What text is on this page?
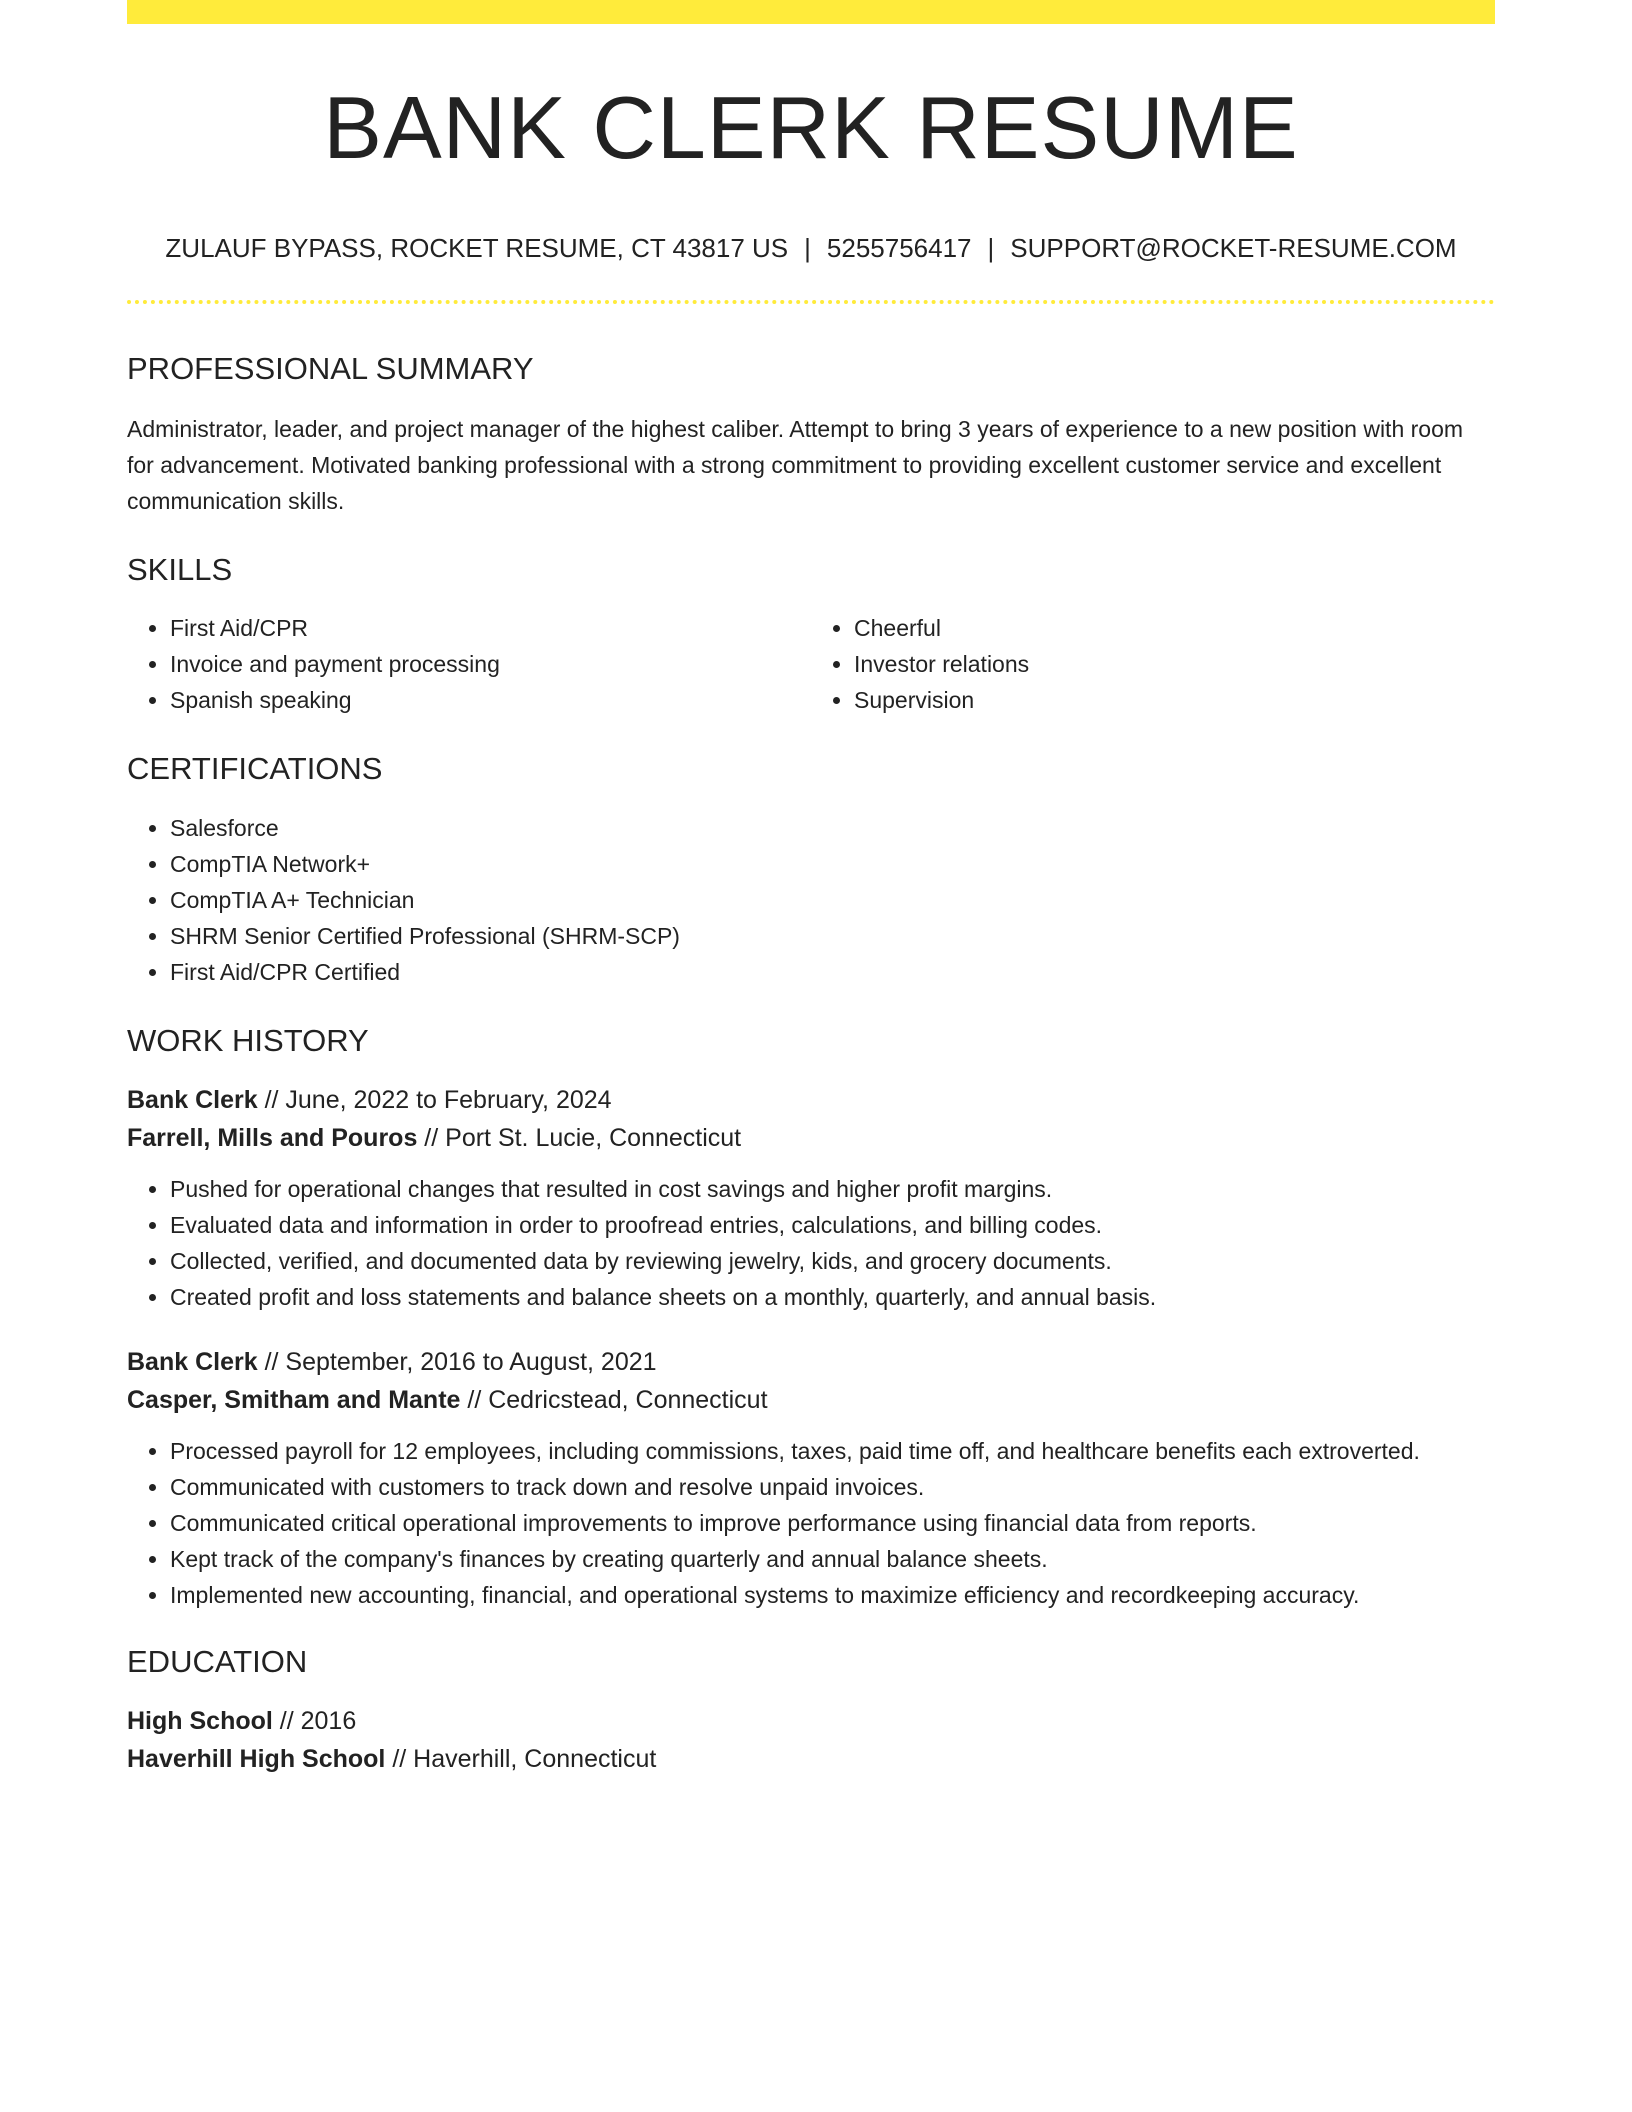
BANK CLERK RESUME
ZULAUF BYPASS, ROCKET RESUME, CT 43817 US | 5255756417 | SUPPORT@ROCKET-RESUME.COM
PROFESSIONAL SUMMARY

Administrator, leader, and project manager of the highest caliber. Attempt to bring 3 years of experience to a new position with room for advancement. Motivated banking professional with a strong commitment to providing excellent customer service and excellent communication skills.

SKILLS
• First Aid/CPR
• Invoice and payment processing
• Spanish speaking
• Cheerful
• Investor relations
• Supervision
CERTIFICATIONS
• Salesforce
• CompTIA Network+
• CompTIA A+ Technician
• SHRM Senior Certified Professional (SHRM-SCP)
• First Aid/CPR Certified
WORK HISTORY
Bank Clerk // June, 2022 to February, 2024
Farrell, Mills and Pouros // Port St. Lucie, Connecticut
• Pushed for operational changes that resulted in cost savings and higher profit margins.
• Evaluated data and information in order to proofread entries, calculations, and billing codes.
• Collected, verified, and documented data by reviewing jewelry, kids, and grocery documents.
• Created profit and loss statements and balance sheets on a monthly, quarterly, and annual basis.
Bank Clerk // September, 2016 to August, 2021
Casper, Smitham and Mante // Cedricstead, Connecticut
• Processed payroll for 12 employees, including commissions, taxes, paid time off, and healthcare benefits each extroverted.
• Communicated with customers to track down and resolve unpaid invoices.
• Communicated critical operational improvements to improve performance using financial data from reports.
• Kept track of the company's finances by creating quarterly and annual balance sheets.
• Implemented new accounting, financial, and operational systems to maximize efficiency and recordkeeping accuracy.
EDUCATION
High School // 2016
Haverhill High School // Haverhill, Connecticut
